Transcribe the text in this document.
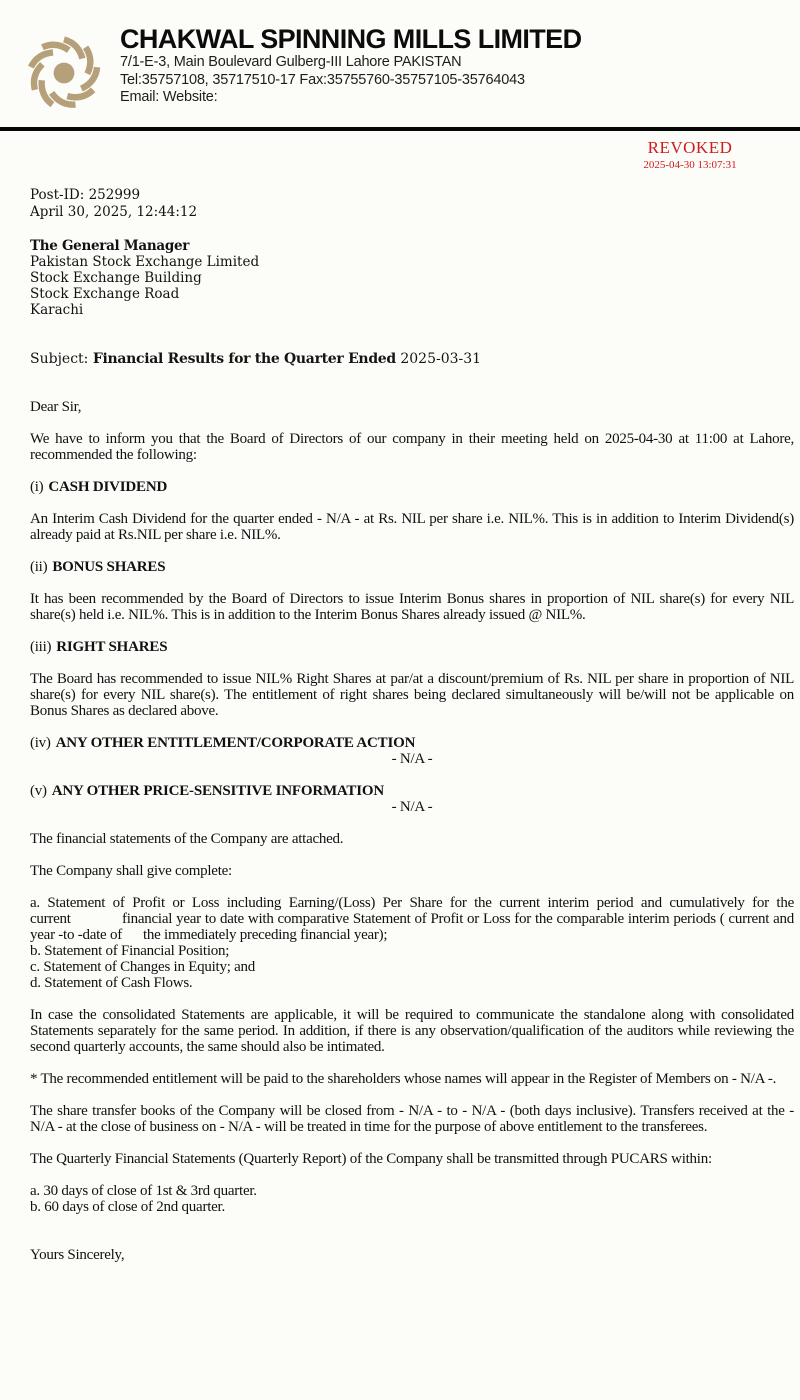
CHAKWAL SPINNING MILLS LIMITED
7/1-E-3, Main Boulevard Gulberg-III Lahore PAKISTAN
Tel:35757108, 35717510-17 Fax:35755760-35757105-35764043
Email: Website:
REVOKED
2025-04-30 13:07:31
Post-ID: 252999
April 30, 2025, 12:44:12
The General Manager
Pakistan Stock Exchange Limited
Stock Exchange Building
Stock Exchange Road
Karachi
Subject: Financial Results for the Quarter Ended 2025-03-31

Dear Sir,

We have to inform you that the Board of Directors of our company in their meeting held on 2025-04-30 at 11:00 at Lahore, recommended the following:

(i) CASH DIVIDEND

An Interim Cash Dividend for the quarter ended - N/A - at Rs. NIL per share i.e. NIL%. This is in addition to Interim Dividend(s) already paid at Rs.NIL per share i.e. NIL%.

(ii) BONUS SHARES

It has been recommended by the Board of Directors to issue Interim Bonus shares in proportion of NIL share(s) for every NIL share(s) held i.e. NIL%. This is in addition to the Interim Bonus Shares already issued @ NIL%.

(iii) RIGHT SHARES

The Board has recommended to issue NIL% Right Shares at par/at a discount/premium of Rs. NIL per share in proportion of NIL share(s) for every NIL share(s). The entitlement of right shares being declared simultaneously will be/will not be applicable on Bonus Shares as declared above.

(iv) ANY OTHER ENTITLEMENT/CORPORATE ACTION

- N/A -

(v) ANY OTHER PRICE-SENSITIVE INFORMATION

- N/A -

The financial statements of the Company are attached.

The Company shall give complete:

a. Statement of Profit or Loss including Earning/(Loss) Per Share for the current interim period and cumulatively for the current             financial year to date with comparative Statement of Profit or Loss for the comparable interim periods ( current and year -to -date of      the immediately preceding financial year);

b. Statement of Financial Position;

c. Statement of Changes in Equity; and

d. Statement of Cash Flows.

In case the consolidated Statements are applicable, it will be required to communicate the standalone along with consolidated Statements separately for the same period. In addition, if there is any observation/qualification of the auditors while reviewing the second quarterly accounts, the same should also be intimated.

* The recommended entitlement will be paid to the shareholders whose names will appear in the Register of Members on - N/A -.

The share transfer books of the Company will be closed from - N/A - to - N/A - (both days inclusive). Transfers received at the - N/A - at the close of business on - N/A - will be treated in time for the purpose of above entitlement to the transferees.

The Quarterly Financial Statements (Quarterly Report) of the Company shall be transmitted through PUCARS within:

a. 30 days of close of 1st & 3rd quarter.

b. 60 days of close of 2nd quarter.

Yours Sincerely,
